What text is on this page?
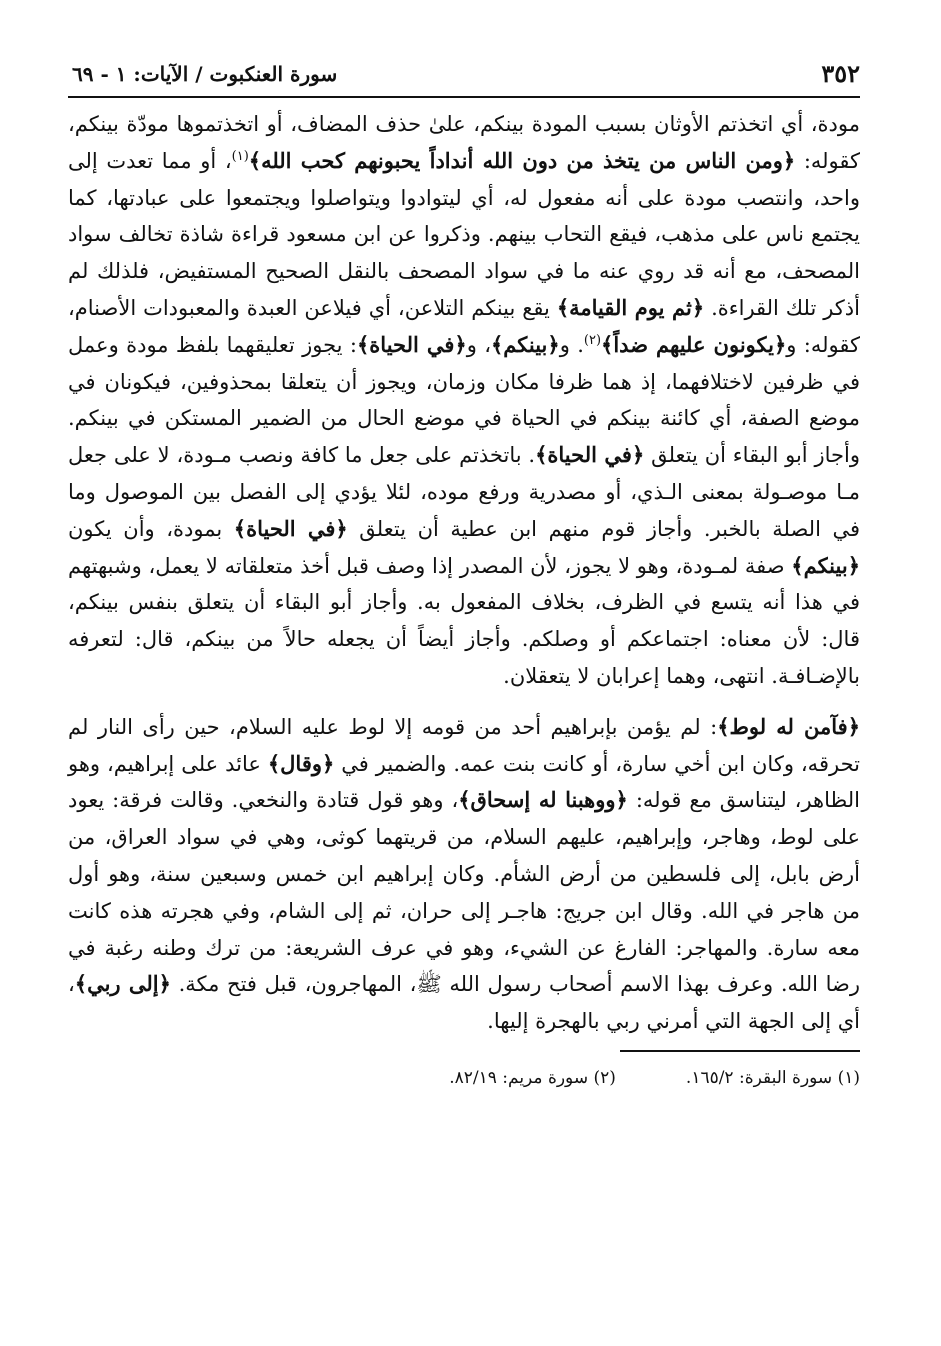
٣٥٢
سورة العنكبوت / الآيات: ١ - ٦٩

مودة، أي اتخذتم الأوثان بسبب المودة بينكم، علىٰ حذف المضاف، أو اتخذتموها مودّة بينكم، كقوله: ﴿ومن الناس من يتخذ من دون الله أنداداً يحبونهم كحب الله﴾$^{(١)}$، أو مما تعدت إلى واحد، وانتصب مودة على أنه مفعول له، أي ليتوادوا ويتواصلوا ويجتمعوا على عبادتها، كما يجتمع ناس على مذهب، فيقع التحاب بينهم. وذكروا عن ابن مسعود قراءة شاذة تخالف سواد المصحف، مع أنه قد روي عنه ما في سواد المصحف بالنقل الصحيح المستفيض، فلذلك لم أذكر تلك القراءة. ﴿ثم يوم القيامة﴾ يقع بينكم التلاعن، أي فيلاعن العبدة والمعبودات الأصنام، كقوله: و﴿يكونون عليهم ضداً﴾$^{(٢)}$. و﴿بينكم﴾، و﴿في الحياة﴾: يجوز تعليقهما بلفظ مودة وعمل في ظرفين لاختلافهما، إذ هما ظرفا مكان وزمان، ويجوز أن يتعلقا بمحذوفين، فيكونان في موضع الصفة، أي كائنة بينكم في الحياة في موضع الحال من الضمير المستكن في بينكم. وأجاز أبو البقاء أن يتعلق ﴿في الحياة﴾. باتخذتم على جعل ما كافة ونصب مـودة، لا على جعل مـا موصـولة بمعنى الـذي، أو مصدرية ورفع موده، لئلا يؤدي إلى الفصل بين الموصول وما في الصلة بالخبر. وأجاز قوم منهم ابن عطية أن يتعلق ﴿في الحياة﴾ بمودة، وأن يكون ﴿بينكم﴾ صفة لمـودة، وهو لا يجوز، لأن المصدر إذا وصف قبل أخذ متعلقاته لا يعمل، وشبهتهم في هذا أنه يتسع في الظرف، بخلاف المفعول به. وأجاز أبو البقاء أن يتعلق بنفس بينكم، قال: لأن معناه: اجتماعكم أو وصلكم. وأجاز أيضاً أن يجعله حالاً من بينكم، قال: لتعرفه بالإضـافـة. انتهى، وهما إعرابان لا يتعقلان.

﴿فآمن له لوط﴾: لم يؤمن بإبراهيم أحد من قومه إلا لوط عليه السلام، حين رأى النار لم تحرقه، وكان ابن أخي سارة، أو كانت بنت عمه. والضمير في ﴿وقال﴾ عائد على إبراهيم، وهو الظاهر، ليتناسق مع قوله: ﴿ووهبنا له إسحاق﴾، وهو قول قتادة والنخعي. وقالت فرقة: يعود على لوط، وهاجر، وإبراهيم، عليهم السلام، من قريتهما كوثى، وهي في سواد العراق، من أرض بابل، إلى فلسطين من أرض الشأم. وكان إبراهيم ابن خمس وسبعين سنة، وهو أول من هاجر في الله. وقال ابن جريج: هاجـر إلى حران، ثم إلى الشام، وفي هجرته هذه كانت معه سارة. والمهاجر: الفارغ عن الشيء، وهو في عرف الشريعة: من ترك وطنه رغبة في رضا الله. وعرف بهذا الاسم أصحاب رسول الله ﷺ، المهاجرون، قبل فتح مكة. ﴿إلى ربي﴾، أي إلى الجهة التي أمرني ربي بالهجرة إليها.

(١) سورة البقرة: ١٦٥/٢.
(٢) سورة مريم: ٨٢/١٩.
